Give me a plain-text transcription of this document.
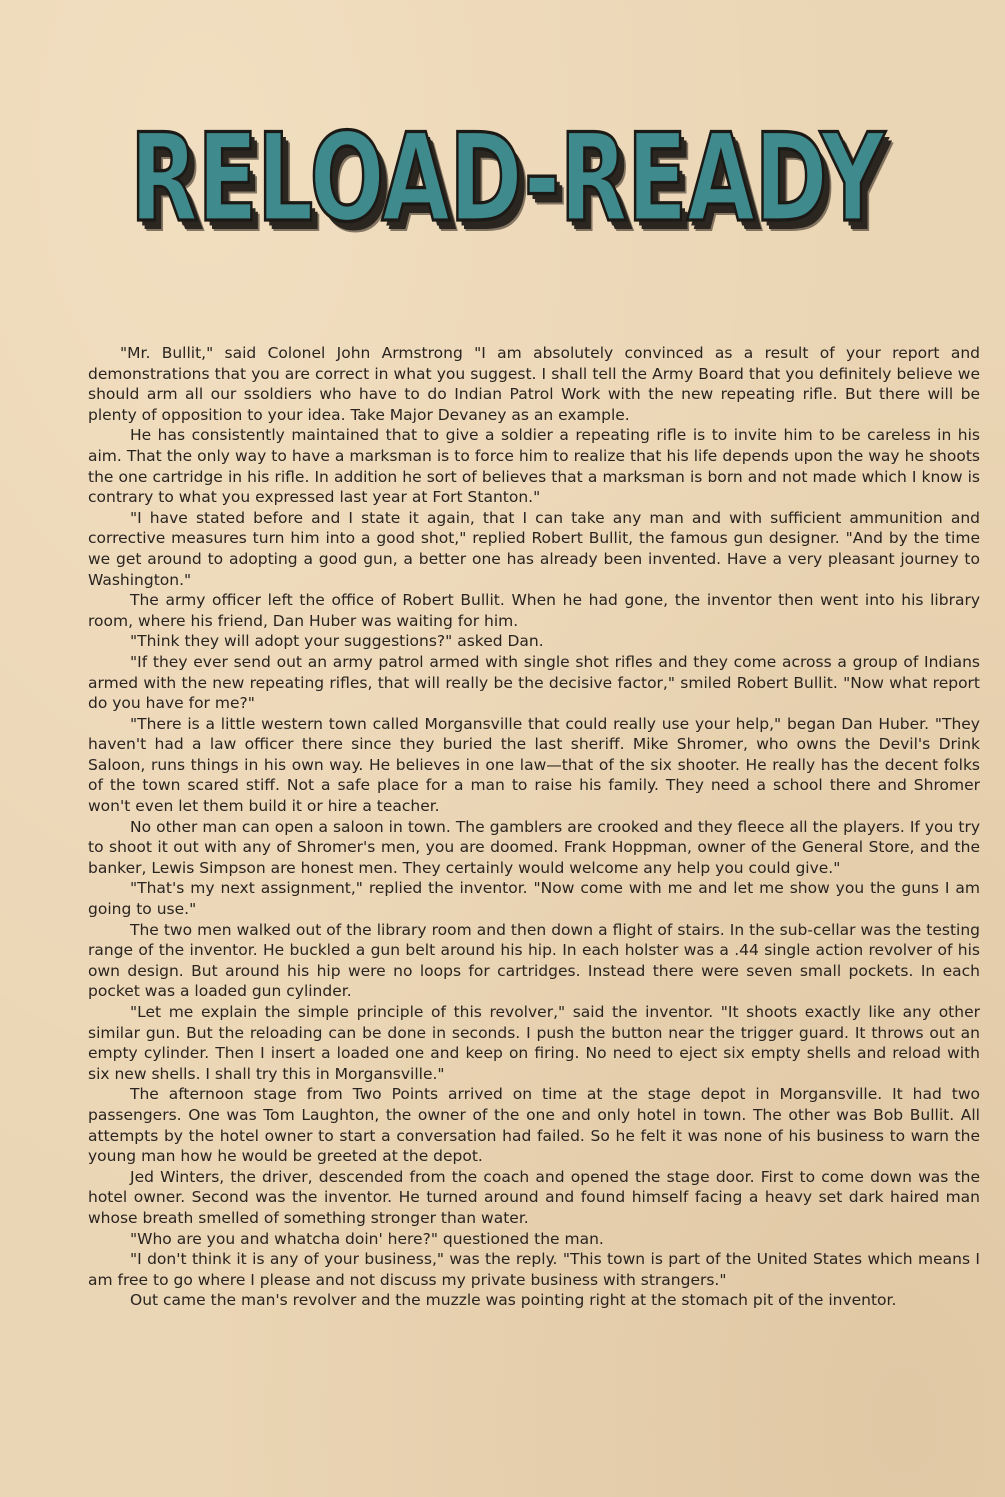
RELOAD-READY

"Mr. Bullit," said Colonel John Armstrong "I am absolutely convinced as a result of your report and demonstrations that you are correct in what you suggest. I shall tell the Army Board that you definitely believe we should arm all our ssoldiers who have to do Indian Patrol Work with the new repeating rifle. But there will be plenty of opposition to your idea. Take Major Devaney as an example.

He has consistently maintained that to give a soldier a repeating rifle is to invite him to be careless in his aim. That the only way to have a marksman is to force him to realize that his life depends upon the way he shoots the one cartridge in his rifle. In addition he sort of believes that a marksman is born and not made which I know is contrary to what you expressed last year at Fort Stanton."

"I have stated before and I state it again, that I can take any man and with sufficient ammunition and corrective measures turn him into a good shot," replied Robert Bullit, the famous gun designer. "And by the time we get around to adopting a good gun, a better one has already been invented. Have a very pleasant journey to Washington."

The army officer left the office of Robert Bullit. When he had gone, the inventor then went into his library room, where his friend, Dan Huber was waiting for him.

"Think they will adopt your suggestions?" asked Dan.

"If they ever send out an army patrol armed with single shot rifles and they come across a group of Indians armed with the new repeating rifles, that will really be the decisive factor," smiled Robert Bullit. "Now what report do you have for me?"

"There is a little western town called Morgansville that could really use your help," began Dan Huber. "They haven't had a law officer there since they buried the last sheriff. Mike Shromer, who owns the Devil's Drink Saloon, runs things in his own way. He believes in one law—that of the six shooter. He really has the decent folks of the town scared stiff. Not a safe place for a man to raise his family. They need a school there and Shromer won't even let them build it or hire a teacher.

No other man can open a saloon in town. The gamblers are crooked and they fleece all the players. If you try to shoot it out with any of Shromer's men, you are doomed. Frank Hoppman, owner of the General Store, and the banker, Lewis Simpson are honest men. They certainly would welcome any help you could give."

"That's my next assignment," replied the inventor. "Now come with me and let me show you the guns I am going to use."

The two men walked out of the library room and then down a flight of stairs. In the sub-cellar was the testing range of the inventor. He buckled a gun belt around his hip. In each holster was a .44 single action revolver of his own design. But around his hip were no loops for cartridges. Instead there were seven small pockets. In each pocket was a loaded gun cylinder.

"Let me explain the simple principle of this revolver," said the inventor. "It shoots exactly like any other similar gun. But the reloading can be done in seconds. I push the button near the trigger guard. It throws out an empty cylinder. Then I insert a loaded one and keep on firing. No need to eject six empty shells and reload with six new shells. I shall try this in Morgansville."

The afternoon stage from Two Points arrived on time at the stage depot in Morgansville. It had two passengers. One was Tom Laughton, the owner of the one and only hotel in town. The other was Bob Bullit. All attempts by the hotel owner to start a conversation had failed. So he felt it was none of his business to warn the young man how he would be greeted at the depot.

Jed Winters, the driver, descended from the coach and opened the stage door. First to come down was the hotel owner. Second was the inventor. He turned around and found himself facing a heavy set dark haired man whose breath smelled of something stronger than water.

"Who are you and whatcha doin' here?" questioned the man.

"I don't think it is any of your business," was the reply. "This town is part of the United States which means I am free to go where I please and not discuss my private business with strangers."

Out came the man's revolver and the muzzle was pointing right at the stomach pit of the inventor.
